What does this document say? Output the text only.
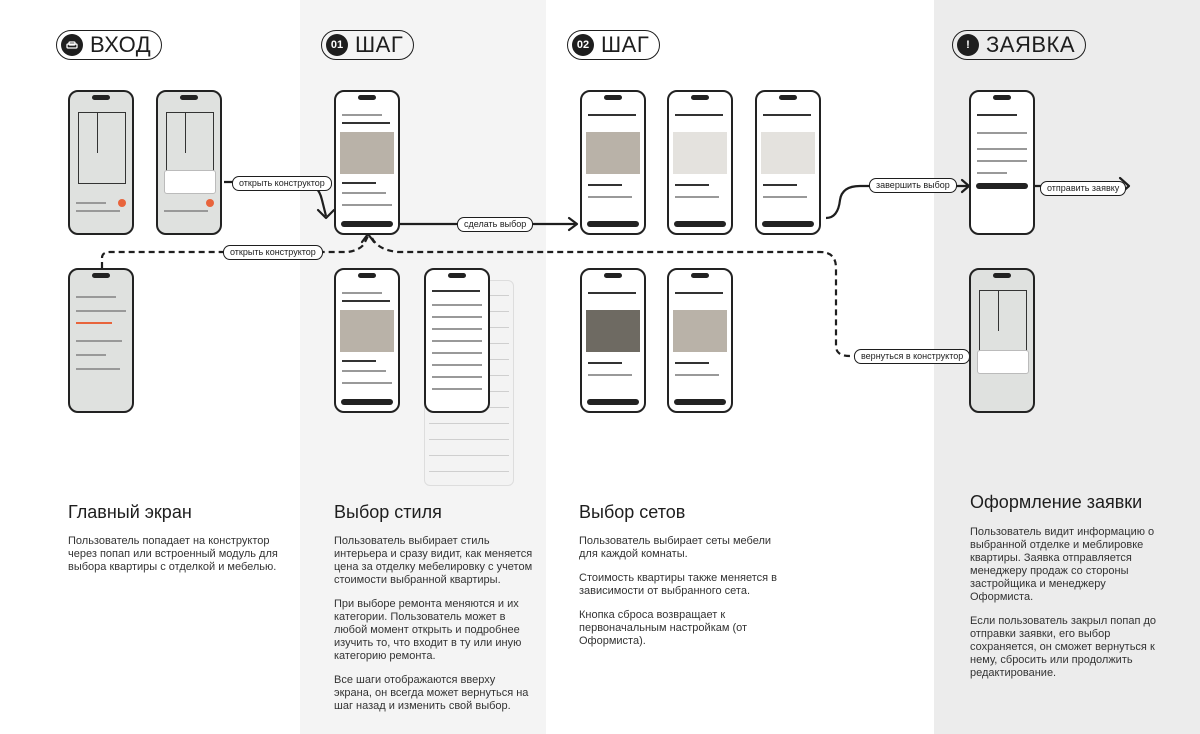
ВХОД	01 ШАГ	02 ШАГ	! ЗАЯВКА
открыть конструктор
сделать выбор
завершить выбор	отправить заявку
открыть конструктор
вернуться в конструктор
Главный экран	Выбор стиля	Выбор сетов	Оформление заявки

Пользователь попадает на конструктор через попап или встроенный модуль для выбора квартиры с отделкой и мебелью.

Пользователь выбирает стиль интерьера и сразу видит, как меняется цена за отделку мебелировку с учетом стоимости выбранной квартиры.

При выборе ремонта меняются и их категории. Пользователь может в любой момент открыть и подробнее изучить то, что входит в ту или иную категорию ремонта.

Все шаги отображаются вверху экрана, он всегда может вернуться на шаг назад и изменить свой выбор.

Пользователь выбирает сеты мебели для каждой комнаты.

Стоимость квартиры также меняется в зависимости от выбранного сета.

Кнопка сброса возвращает к первоначальным настройкам (от Оформиста).

Пользователь видит информацию о выбранной отделке и меблировке квартиры. Заявка отправляется менеджеру продаж со стороны застройщика и менеджеру Оформиста.

Если пользователь закрыл попап до отправки заявки, его выбор сохраняется, он сможет вернуться к нему, сбросить или продолжить редактирование.
